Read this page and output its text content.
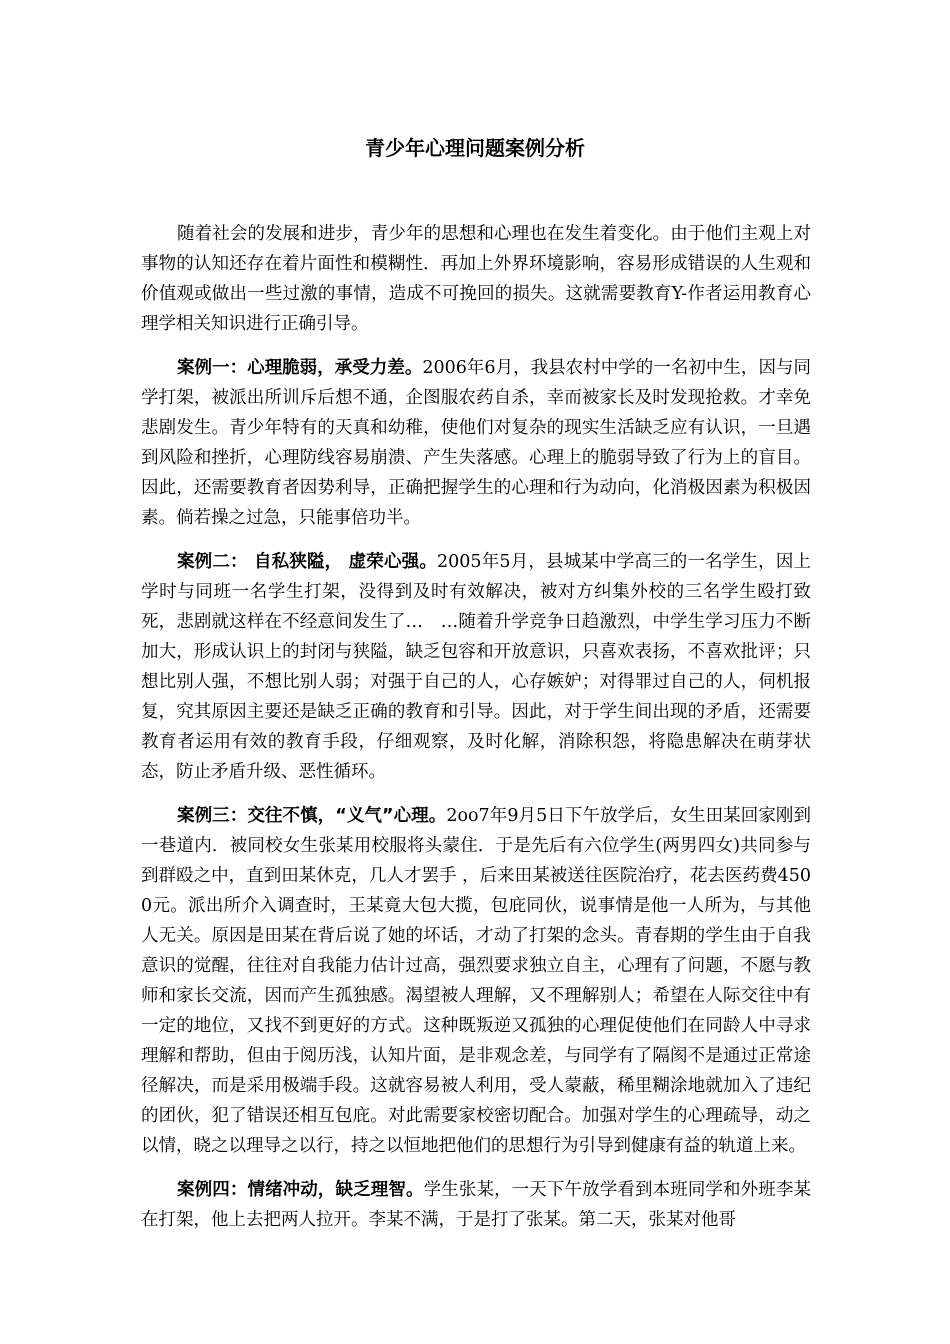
青少年心理问题案例分析

随着社会的发展和进步，青少年的思想和心理也在发生着变化。由于他们主观上对事物的认知还存在着片面性和模糊性．再加上外界环境影响，容易形成错误的人生观和价值观或做出一些过激的事情，造成不可挽回的损失。这就需要教育Y-作者运用教育心理学相关知识进行正确引导。

案例一：心理脆弱，承受力差。2006年6月，我县农村中学的一名初中生，因与同学打架，被派出所训斥后想不通，企图服农药自杀，幸而被家长及时发现抢救。才幸免悲剧发生。青少年特有的天真和幼稚，使他们对复杂的现实生活缺乏应有认识，一旦遇到风险和挫折，心理防线容易崩溃、产生失落感。心理上的脆弱导致了行为上的盲目。因此，还需要教育者因势利导，正确把握学生的心理和行为动向，化消极因素为积极因素。倘若操之过急，只能事倍功半。

案例二： 自私狭隘， 虚荣心强。2005年5月，县城某中学高三的一名学生，因上学时与同班一名学生打架，没得到及时有效解决，被对方纠集外校的三名学生殴打致死，悲剧就这样在不经意间发生了…　…随着升学竞争日趋激烈，中学生学习压力不断加大，形成认识上的封闭与狭隘，缺乏包容和开放意识，只喜欢表扬，不喜欢批评；只想比别人强，不想比别人弱；对强于自己的人，心存嫉妒；对得罪过自己的人，伺机报复，究其原因主要还是缺乏正确的教育和引导。因此，对于学生间出现的矛盾，还需要教育者运用有效的教育手段，仔细观察，及时化解，消除积怨，将隐患解决在萌芽状态，防止矛盾升级、恶性循环。

案例三：交往不慎，“义气”心理。2oo7年9月5日下午放学后，女生田某回家刚到一巷道内．被同校女生张某用校服将头蒙住．于是先后有六位学生(两男四女)共同参与到群殴之中，直到田某休克，几人才罢手 ，后来田某被送往医院治疗，花去医药费4500元。派出所介入调查时，王某竟大包大揽，包庇同伙，说事情是他一人所为，与其他人无关。原因是田某在背后说了她的坏话，才动了打架的念头。青春期的学生由于自我意识的觉醒，往往对自我能力估计过高，强烈要求独立自主，心理有了问题，不愿与教师和家长交流，因而产生孤独感。渴望被人理解，又不理解别人；希望在人际交往中有一定的地位，又找不到更好的方式。这种既叛逆又孤独的心理促使他们在同龄人中寻求理解和帮助，但由于阅历浅，认知片面，是非观念差，与同学有了隔阂不是通过正常途径解决，而是采用极端手段。这就容易被人利用，受人蒙蔽，稀里糊涂地就加入了违纪的团伙，犯了错误还相互包庇。对此需要家校密切配合。加强对学生的心理疏导，动之以情，晓之以理导之以行，持之以恒地把他们的思想行为引导到健康有益的轨道上来。

案例四：情绪冲动，缺乏理智。学生张某，一天下午放学看到本班同学和外班李某在打架，他上去把两人拉开。李某不满，于是打了张某。第二天，张某对他哥
